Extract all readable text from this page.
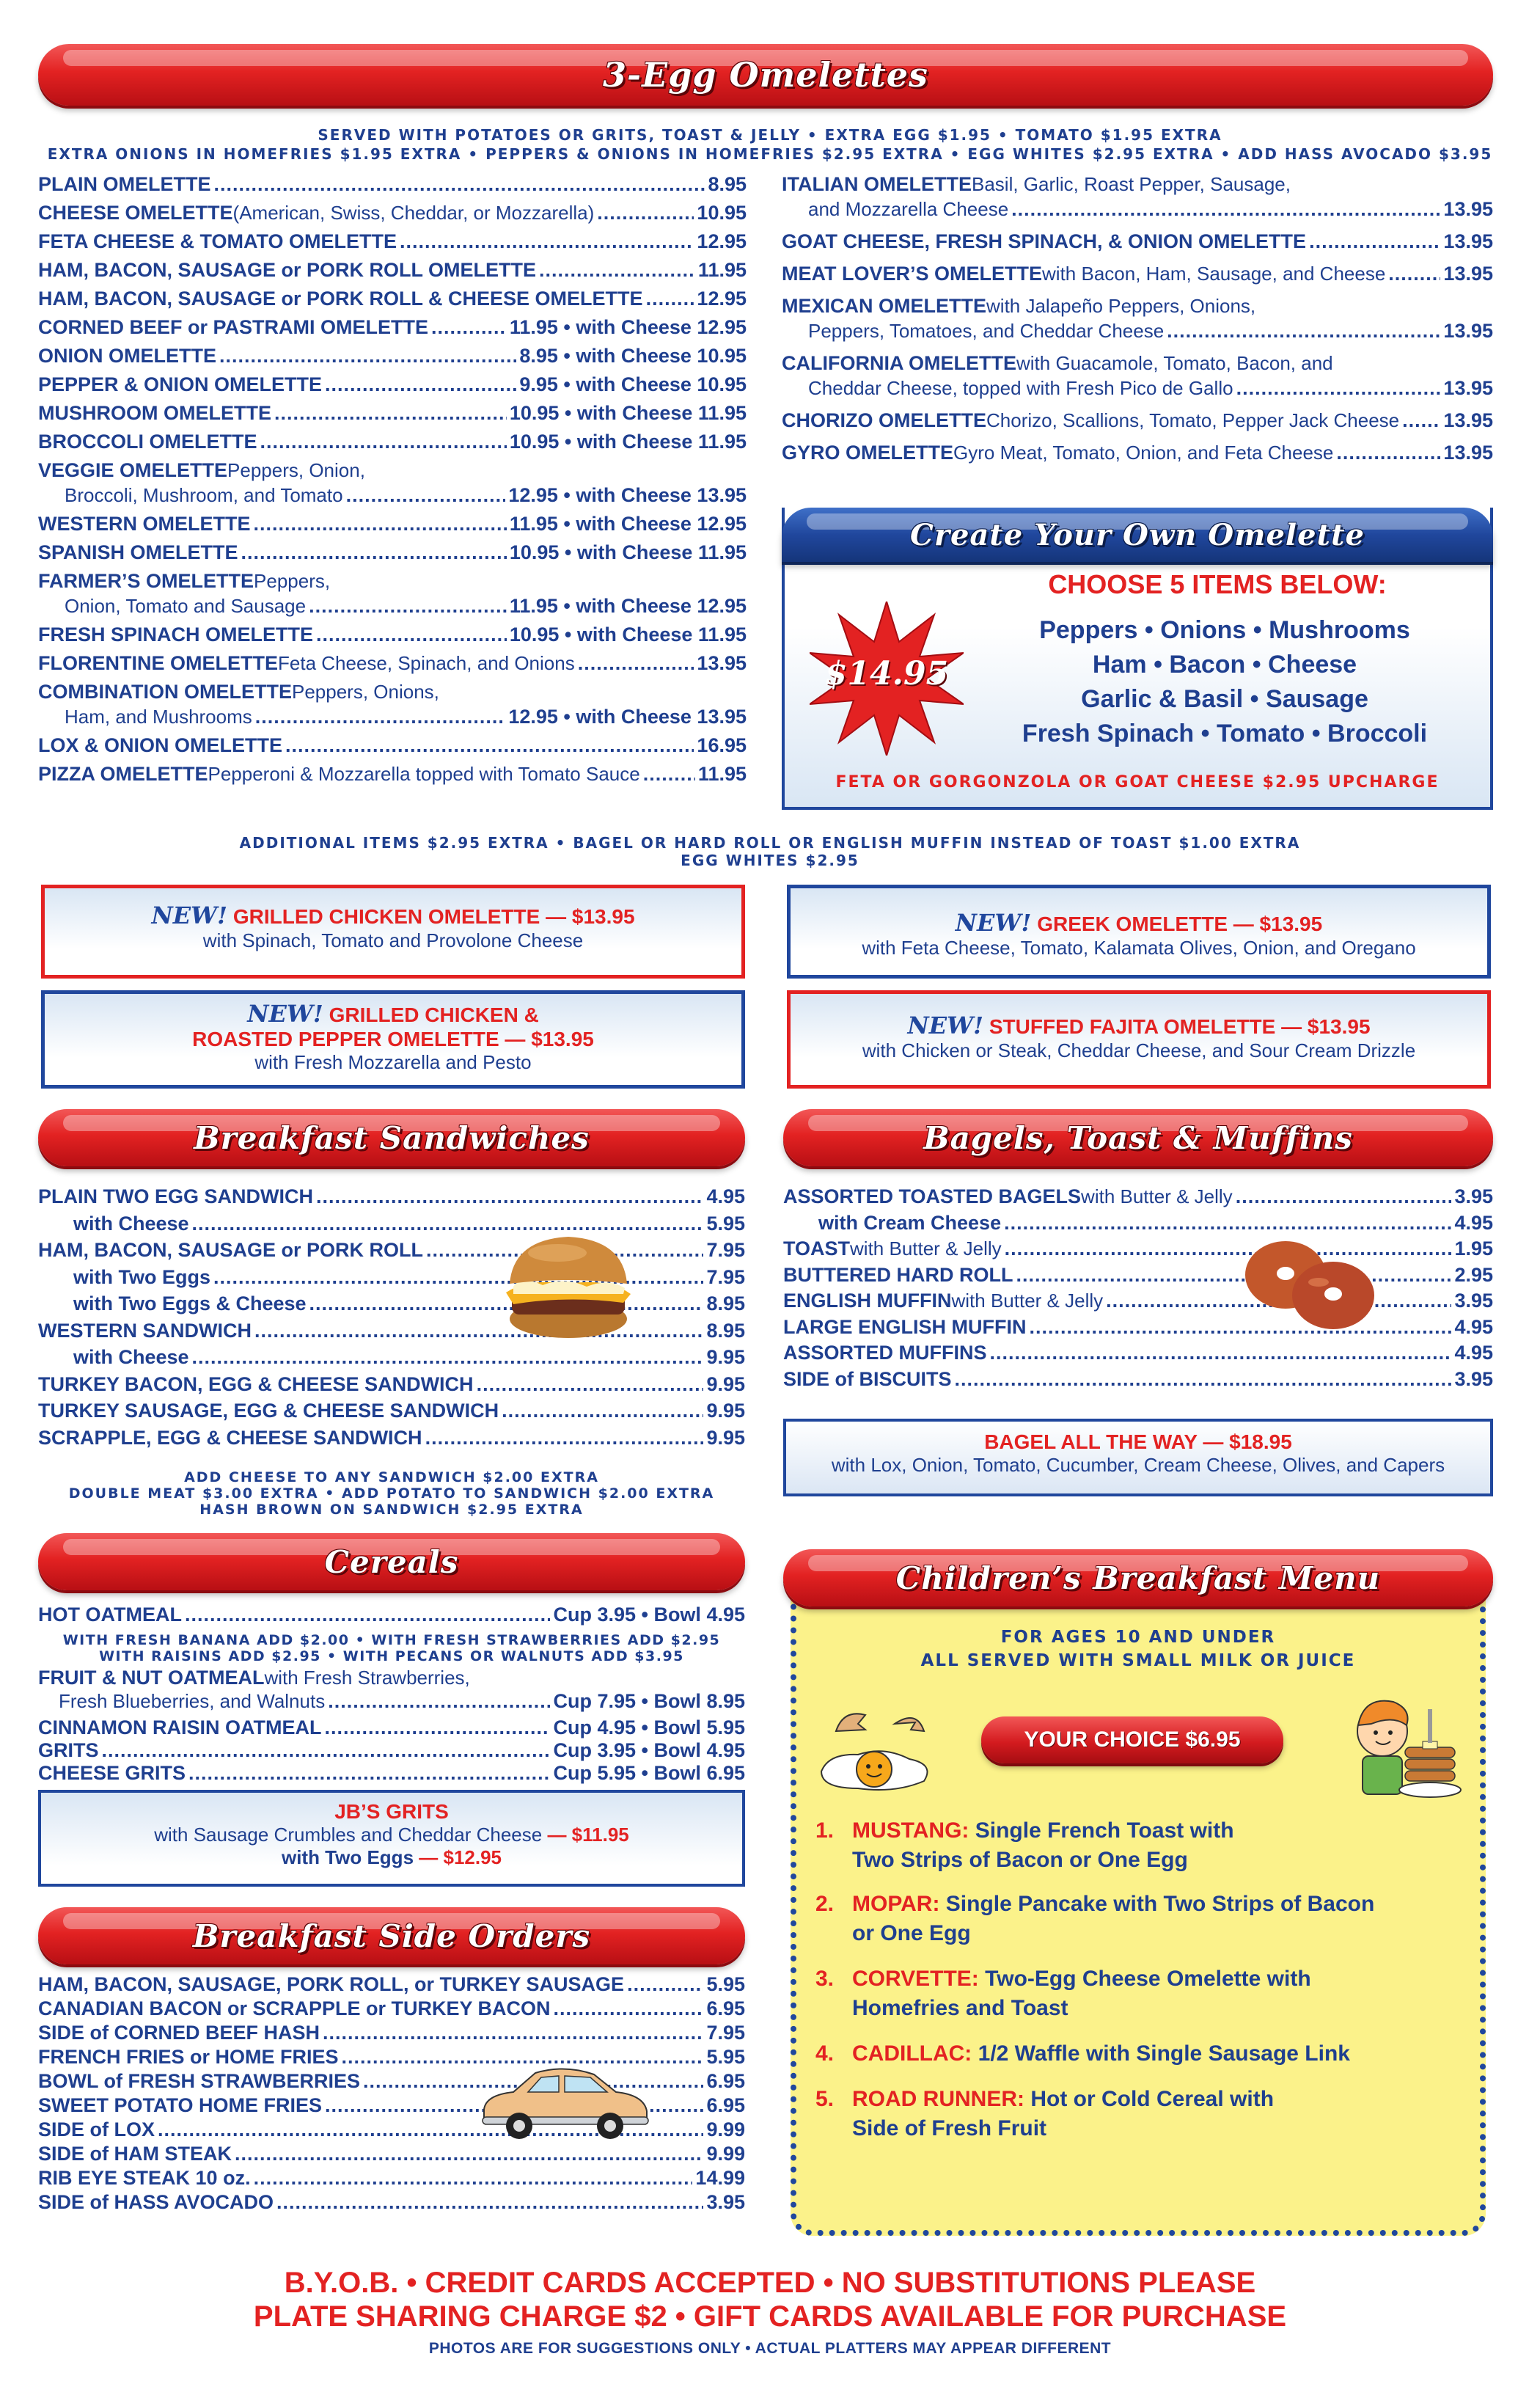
3-Egg Omelettes
SERVED WITH POTATOES OR GRITS, TOAST & JELLY • EXTRA EGG $1.95 • TOMATO $1.95 EXTRA
EXTRA ONIONS IN HOMEFRIES $1.95 EXTRA • PEPPERS & ONIONS IN HOMEFRIES $2.95 EXTRA • EGG WHITES $2.95 EXTRA • ADD HASS AVOCADO $3.95
PLAIN OMELETTE .....	8.95
CHEESE OMELETTE (American, Swiss, Cheddar, or Mozzarella) .....	10.95
FETA CHEESE & TOMATO OMELETTE .....	12.95
HAM, BACON, SAUSAGE or PORK ROLL OMELETTE .....	11.95
HAM, BACON, SAUSAGE or PORK ROLL & CHEESE OMELETTE .....	12.95
CORNED BEEF or PASTRAMI OMELETTE .....	11.95 • with Cheese 12.95
ONION OMELETTE .....	8.95 • with Cheese 10.95
PEPPER & ONION OMELETTE .....	9.95 • with Cheese 10.95
MUSHROOM OMELETTE .....	10.95 • with Cheese 11.95
BROCCOLI OMELETTE .....	10.95 • with Cheese 11.95
VEGGIE OMELETTE Peppers, Onion,
Broccoli, Mushroom, and Tomato .....	12.95 • with Cheese 13.95
WESTERN OMELETTE .....	11.95 • with Cheese 12.95
SPANISH OMELETTE .....	10.95 • with Cheese 11.95
FARMER’S OMELETTE Peppers,
Onion, Tomato and Sausage .....	11.95 • with Cheese 12.95
FRESH SPINACH OMELETTE .....	10.95 • with Cheese 11.95
FLORENTINE OMELETTE Feta Cheese, Spinach, and Onions .....	13.95
COMBINATION OMELETTE Peppers, Onions,
Ham, and Mushrooms .....	12.95 • with Cheese 13.95
LOX & ONION OMELETTE .....	16.95
PIZZA OMELETTE Pepperoni & Mozzarella topped with Tomato Sauce .....	11.95
ITALIAN OMELETTE Basil, Garlic, Roast Pepper, Sausage,
and Mozzarella Cheese .....	13.95
GOAT CHEESE, FRESH SPINACH, & ONION OMELETTE .....	13.95
MEAT LOVER’S OMELETTE with Bacon, Ham, Sausage, and Cheese .....	13.95
MEXICAN OMELETTE with Jalapeño Peppers, Onions,
Peppers, Tomatoes, and Cheddar Cheese .....	13.95
CALIFORNIA OMELETTE with Guacamole, Tomato, Bacon, and
Cheddar Cheese, topped with Fresh Pico de Gallo .....	13.95
CHORIZO OMELETTE Chorizo, Scallions, Tomato, Pepper Jack Cheese ..... 13.95
GYRO OMELETTE Gyro Meat, Tomato, Onion, and Feta Cheese .....	13.95
Create Your Own Omelette
$14.95
CHOOSE 5 ITEMS BELOW:
Peppers • Onions • Mushrooms
Ham • Bacon • Cheese
Garlic & Basil • Sausage
Fresh Spinach • Tomato • Broccoli
FETA OR GORGONZOLA OR GOAT CHEESE $2.95 UPCHARGE
ADDITIONAL ITEMS $2.95 EXTRA • BAGEL OR HARD ROLL OR ENGLISH MUFFIN INSTEAD OF TOAST $1.00 EXTRA
EGG WHITES $2.95
NEW! GRILLED CHICKEN OMELETTE — $13.95
with Spinach, Tomato and Provolone Cheese
NEW! GREEK OMELETTE — $13.95
with Feta Cheese, Tomato, Kalamata Olives, Onion, and Oregano
NEW! GRILLED CHICKEN &
ROASTED PEPPER OMELETTE — $13.95
with Fresh Mozzarella and Pesto
NEW! STUFFED FAJITA OMELETTE — $13.95
with Chicken or Steak, Cheddar Cheese, and Sour Cream Drizzle
Breakfast Sandwiches
PLAIN TWO EGG SANDWICH .....	4.95
with Cheese .....	5.95
HAM, BACON, SAUSAGE or PORK ROLL .....	7.95
with Two Eggs .....	7.95
with Two Eggs & Cheese .....	8.95
WESTERN SANDWICH .....	8.95
with Cheese .....	9.95
TURKEY BACON, EGG & CHEESE SANDWICH .....	9.95
TURKEY SAUSAGE, EGG & CHEESE SANDWICH .....	9.95
SCRAPPLE, EGG & CHEESE SANDWICH .....	9.95
ADD CHEESE TO ANY SANDWICH $2.00 EXTRA
DOUBLE MEAT $3.00 EXTRA • ADD POTATO TO SANDWICH $2.00 EXTRA
HASH BROWN ON SANDWICH $2.95 EXTRA
Bagels, Toast & Muffins
ASSORTED TOASTED BAGELS with Butter & Jelly .....	3.95
with Cream Cheese .....	4.95
TOAST with Butter & Jelly .....	1.95
BUTTERED HARD ROLL .....	2.95
ENGLISH MUFFIN with Butter & Jelly .....	3.95
LARGE ENGLISH MUFFIN .....	4.95
ASSORTED MUFFINS .....	4.95
SIDE of BISCUITS .....	3.95
BAGEL ALL THE WAY — $18.95
with Lox, Onion, Tomato, Cucumber, Cream Cheese, Olives, and Capers
Cereals
HOT OATMEAL .....	Cup 3.95 • Bowl 4.95
WITH FRESH BANANA ADD $2.00 • WITH FRESH STRAWBERRIES ADD $2.95
WITH RAISINS ADD $2.95 • WITH PECANS OR WALNUTS ADD $3.95
FRUIT & NUT OATMEAL with Fresh Strawberries,
Fresh Blueberries, and Walnuts .....	Cup 7.95 • Bowl 8.95
CINNAMON RAISIN OATMEAL .....	Cup 4.95 • Bowl 5.95
GRITS .....	Cup 3.95 • Bowl 4.95
CHEESE GRITS .....	Cup 5.95 • Bowl 6.95
JB’S GRITS
with Sausage Crumbles and Cheddar Cheese — $11.95
with Two Eggs — $12.95
Breakfast Side Orders
HAM, BACON, SAUSAGE, PORK ROLL, or TURKEY SAUSAGE .....	5.95
CANADIAN BACON or SCRAPPLE or TURKEY BACON .....	6.95
SIDE of CORNED BEEF HASH .....	7.95
FRENCH FRIES or HOME FRIES .....	5.95
BOWL of FRESH STRAWBERRIES .....	6.95
SWEET POTATO HOME FRIES .....	6.95
SIDE of LOX .....	9.99
SIDE of HAM STEAK .....	9.99
RIB EYE STEAK 10 oz. .....	14.99
SIDE of HASS AVOCADO .....	3.95
Children’s Breakfast Menu
FOR AGES 10 AND UNDER
ALL SERVED WITH SMALL MILK OR JUICE
YOUR CHOICE $6.95
1. MUSTANG: Single French Toast with
Two Strips of Bacon or One Egg
2. MOPAR: Single Pancake with Two Strips of Bacon
or One Egg
3. CORVETTE: Two-Egg Cheese Omelette with
Homefries and Toast
4. CADILLAC: 1/2 Waffle with Single Sausage Link
5. ROAD RUNNER: Hot or Cold Cereal with
Side of Fresh Fruit
B.Y.O.B. • CREDIT CARDS ACCEPTED • NO SUBSTITUTIONS PLEASE
PLATE SHARING CHARGE $2 • GIFT CARDS AVAILABLE FOR PURCHASE
PHOTOS ARE FOR SUGGESTIONS ONLY • ACTUAL PLATTERS MAY APPEAR DIFFERENT
